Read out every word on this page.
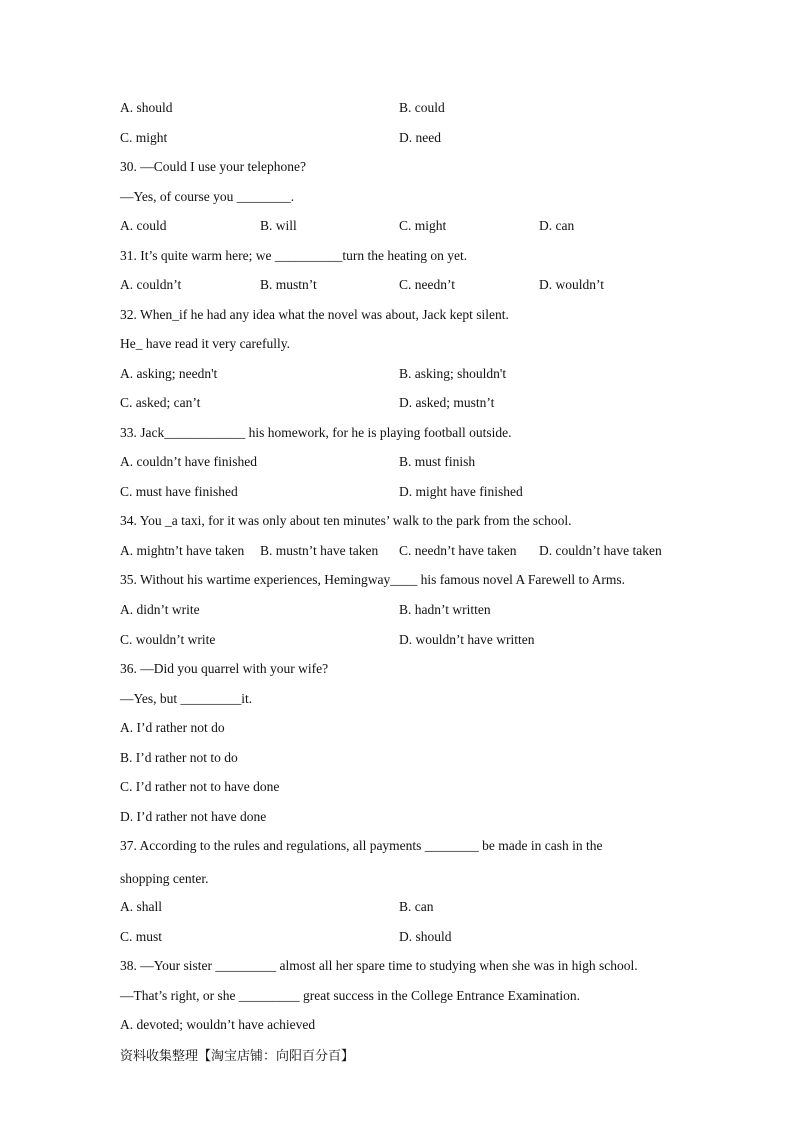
A. should	B. could
C. might	D. need
30. —Could I use your telephone?
—Yes, of course you ________.
A. could	B. will	C. might	D. can
31. It’s quite warm here; we __________turn the heating on yet.
A. couldn’t	B. mustn’t	C. needn’t	D. wouldn’t
32. When_if he had any idea what the novel was about, Jack kept silent.
He_ have read it very carefully.
A. asking; needn't	B. asking; shouldn't
C. asked; can’t	D. asked; mustn’t
33. Jack____________ his homework, for he is playing football outside.
A. couldn’t have finished	B. must finish
C. must have finished	D. might have finished
34. You _a taxi, for it was only about ten minutes’ walk to the park from the school.
A. mightn’t have taken B. mustn’t have taken C. needn’t have taken D. couldn’t have taken
35. Without his wartime experiences, Hemingway____ his famous novel A Farewell to Arms.
A. didn’t write	B. hadn’t written
C. wouldn’t write	D. wouldn’t have written
36. —Did you quarrel with your wife?
—Yes, but _________it.
A. I’d rather not do
B. I’d rather not to do
C. I’d rather not to have done
D. I’d rather not have done
37. According to the rules and regulations, all payments ________ be made in cash in the
shopping center.
A. shall	B. can
C. must	D. should
38. —Your sister _________ almost all her spare time to studying when she was in high school.
—That’s right, or she _________ great success in the College Entrance Examination.
A. devoted; wouldn’t have achieved
资料收集整理【淘宝店铺：向阳百分百】
